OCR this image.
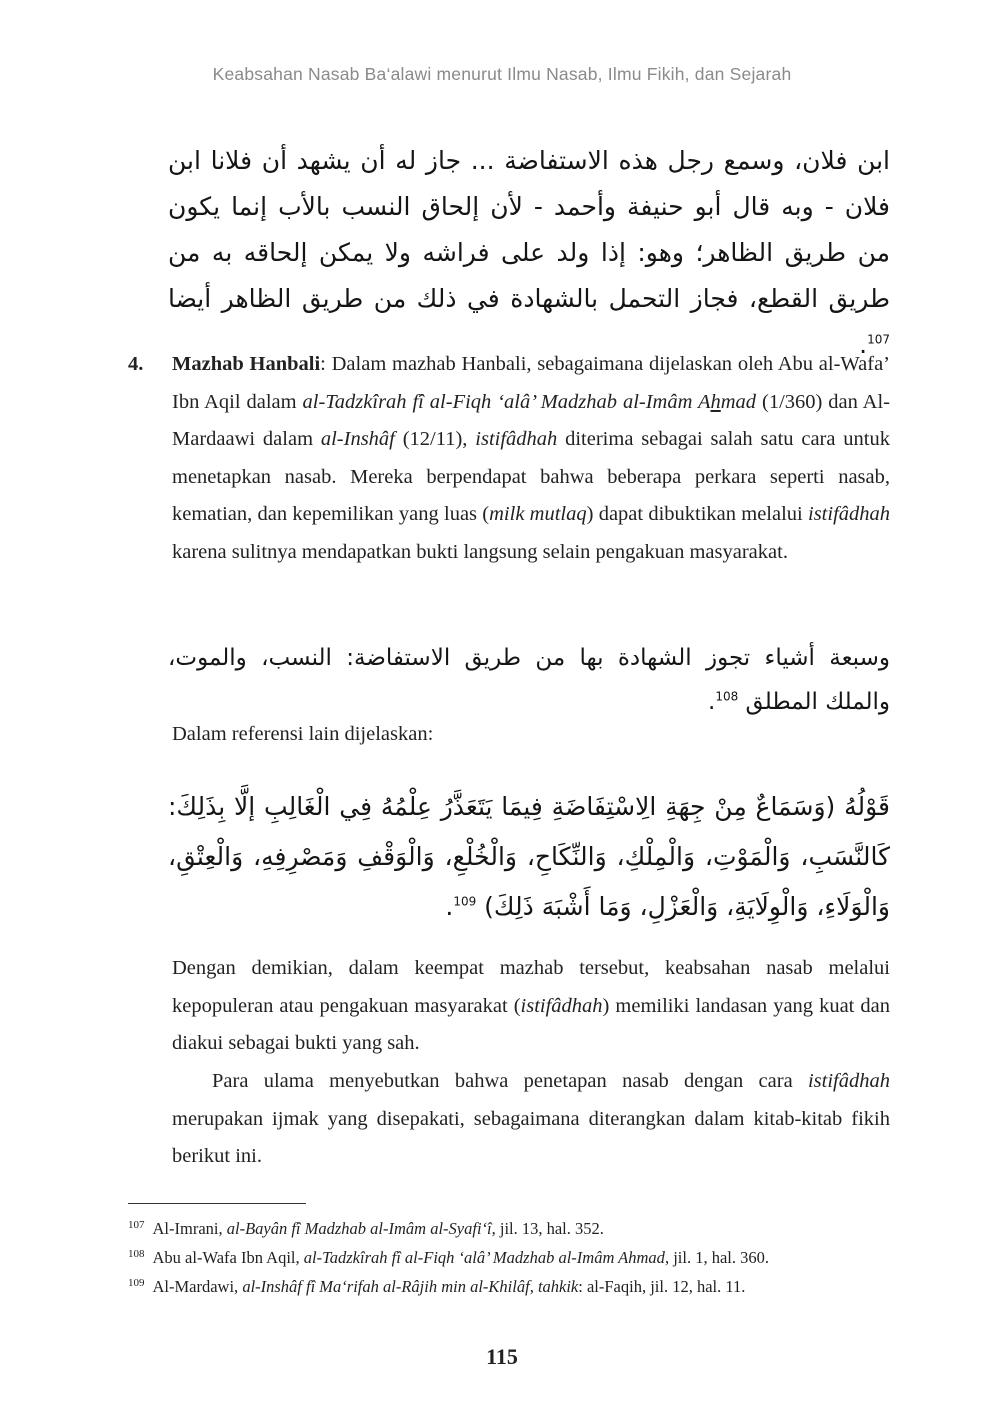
Keabsahan Nasab Ba‘alawi menurut Ilmu Nasab, Ilmu Fikih, dan Sejarah
ابن فلان، وسمع رجل هذه الاستفاضة ... جاز له أن يشهد أن فلانا ابن فلان - وبه قال أبو حنيفة وأحمد - لأن إلحاق النسب بالأب إنما يكون من طريق الظاهر؛ وهو: إذا ولد على فراشه ولا يمكن إلحاقه به من طريق القطع، فجاز التحمل بالشهادة في ذلك من طريق الظاهر أيضا $^{107}$.
4. Mazhab Hanbali: Dalam mazhab Hanbali, sebagaimana dijelaskan oleh Abu al-Wafa’ Ibn Aqil dalam al-Tadzkîrah fî al-Fiqh ‘alâ’ Madzhab al-Imâm Ahmad (1/360) dan Al-Mardaawi dalam al-Inshâf (12/11), istifâdhah diterima sebagai salah satu cara untuk menetapkan nasab. Mereka berpendapat bahwa beberapa perkara seperti nasab, kematian, dan kepemilikan yang luas (milk mutlaq) dapat dibuktikan melalui istifâdhah karena sulitnya mendapatkan bukti langsung selain pengakuan masyarakat.
وسبعة أشياء تجوز الشهادة بها من طريق الاستفاضة: النسب، والموت، والملك المطلق $^{108}$.
Dalam referensi lain dijelaskan:
قَوْلُهُ (وَسَمَاعٌ مِنْ جِهَةِ الِاسْتِفَاضَةِ فِيمَا يَتَعَذَّرُ عِلْمُهُ فِي الْغَالِبِ إلَّا بِذَلِكَ: كَالنَّسَبِ، وَالْمَوْتِ، وَالْمِلْكِ، وَالنِّكَاحِ، وَالْخُلْعِ، وَالْوَقْفِ وَمَصْرِفِهِ، وَالْعِتْقِ، وَالْوَلَاءِ، وَالْوِلَايَةِ، وَالْعَزْلِ، وَمَا أَشْبَهَ ذَلِكَ) $^{109}$.
Dengan demikian, dalam keempat mazhab tersebut, keabsahan nasab melalui kepopuleran atau pengakuan masyarakat (istifâdhah) memiliki landasan yang kuat dan diakui sebagai bukti yang sah.
Para ulama menyebutkan bahwa penetapan nasab dengan cara istifâdhah merupakan ijmak yang disepakati, sebagaimana diterangkan dalam kitab-kitab fikih berikut ini.
$^{107}$ Al-Imrani, al-Bayân fî Madzhab al-Imâm al-Syafi‘î, jil. 13, hal. 352.
$^{108}$ Abu al-Wafa Ibn Aqil, al-Tadzkîrah fî al-Fiqh ‘alâ’ Madzhab al-Imâm Ahmad, jil. 1, hal. 360.
$^{109}$ Al-Mardawi, al-Inshâf fî Ma‘rifah al-Râjih min al-Khilâf, tahkik: al-Faqih, jil. 12, hal. 11.
115
